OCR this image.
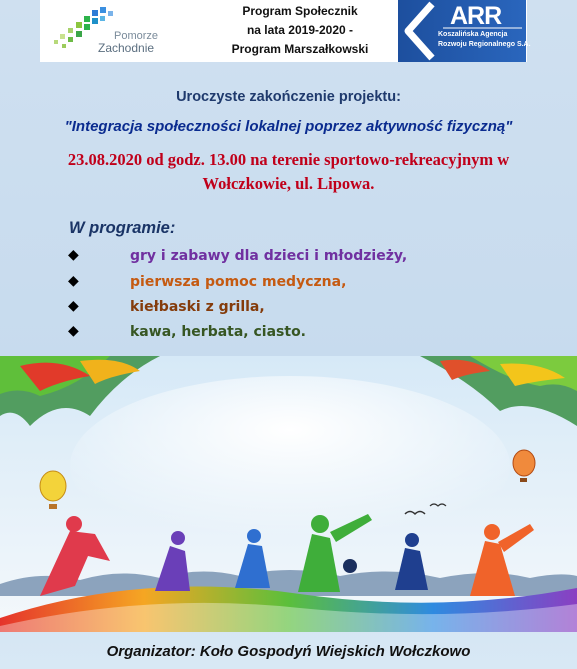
Pomorze
Zachodnie
Program Społecznik
na lata 2019-2020 -
Program Marszałkowski
ARR
Koszalińska Agencja
Rozwoju Regionalnego S.A.
Uroczyste zakończenie projektu:
"Integracja społeczności lokalnej poprzez aktywność fizyczną"
23.08.2020 od godz. 13.00 na terenie sportowo-rekreacyjnym w
Wołczkowie, ul. Lipowa.
W programie:
◆	gry i zabawy dla dzieci i młodzieży,
◆	pierwsza pomoc medyczna,
◆	kiełbaski z grilla,
◆	kawa, herbata, ciasto.
Organizator: Koło Gospodyń Wiejskich Wołczkowo
